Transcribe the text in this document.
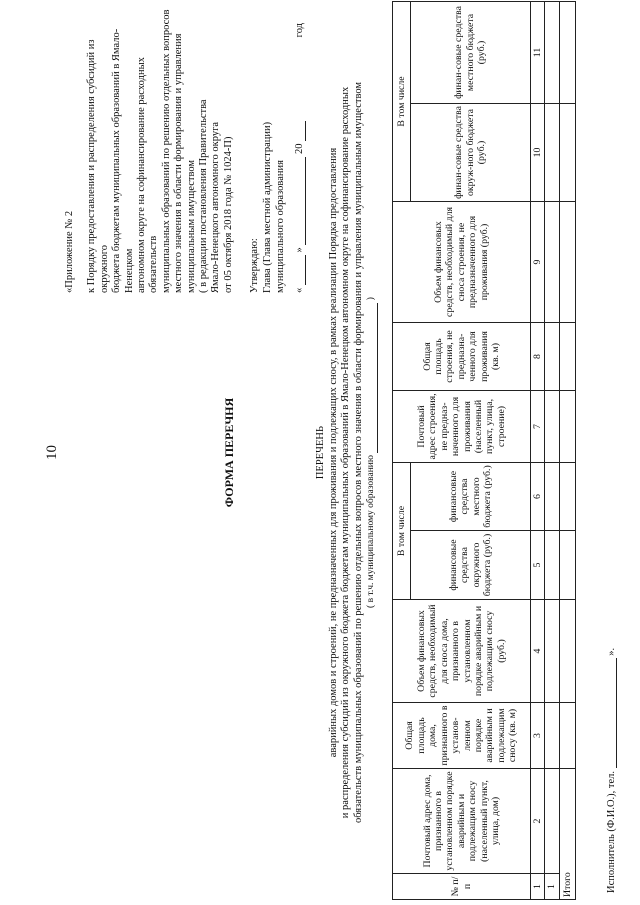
10

«Приложение № 2 к Порядку предоставления и распределения субсидий из окружного бюджета бюджетам муниципальных образований в Ямало-Ненецком автономном округе на софинансирование расходных обязательств муниципальных образований по решению отдельных вопросов местного значения в области формирования и управления муниципальным имуществом ( в редакции постановления Правительства Ямало-Ненецкого автономного округа от 05 октября 2018 года № 1024-П)

ФОРМА ПЕРЕЧНЯ

Утверждаю: Глава (Глава местной администрации) муниципального образования «  »  20
год

ПЕРЕЧЕНЬ аварийных домов и строений, не предназначенных для проживания и подлежащих сносу, в рамках реализации Порядка предоставления и распределения субсидий из окружного бюджета бюджетам муниципальных образований в Ямало-Ненецком автономном округе на софинансирование расходных обязательств муниципальных образований по решению отдельных вопросов местного значения в области формирования и управления муниципальным имуществом ( в т.ч. муниципальному образованию  )

№ п/п	Почтовый адрес дома, признанного в установленном порядке аварийным и подлежащим сносу (населенный пункт, улица, дом)	Общая площадь дома, признанного в установ-ленном порядке аварийным и подлежащим сносу (кв. м)	Объем финансовых средств, необходимый для сноса дома, признанного в установленном порядке аварийным и подлежащим сносу (руб.)	В том числе		Почтовый адрес строения, не предназ-наченного для проживания (населенный пункт, улица, строение)	Общая площадь строения, не предназна-ченного для проживания (кв. м)	Объем финансовых средств, необходимый для сноса строения, не предназначенного для проживания (руб.)	В том числе	
				финансовые средства окружного бюджета (руб.)	финансовые средства местного бюджета (руб.)				финан-совые средства окруж-ного бюджета (руб.)	финан-совые средства местного бюджета (руб.)
1	2	3	4	5	6	7	8	9	10	11
1										
Итого											Исполнитель (Ф.И.О.), тел.  ».
